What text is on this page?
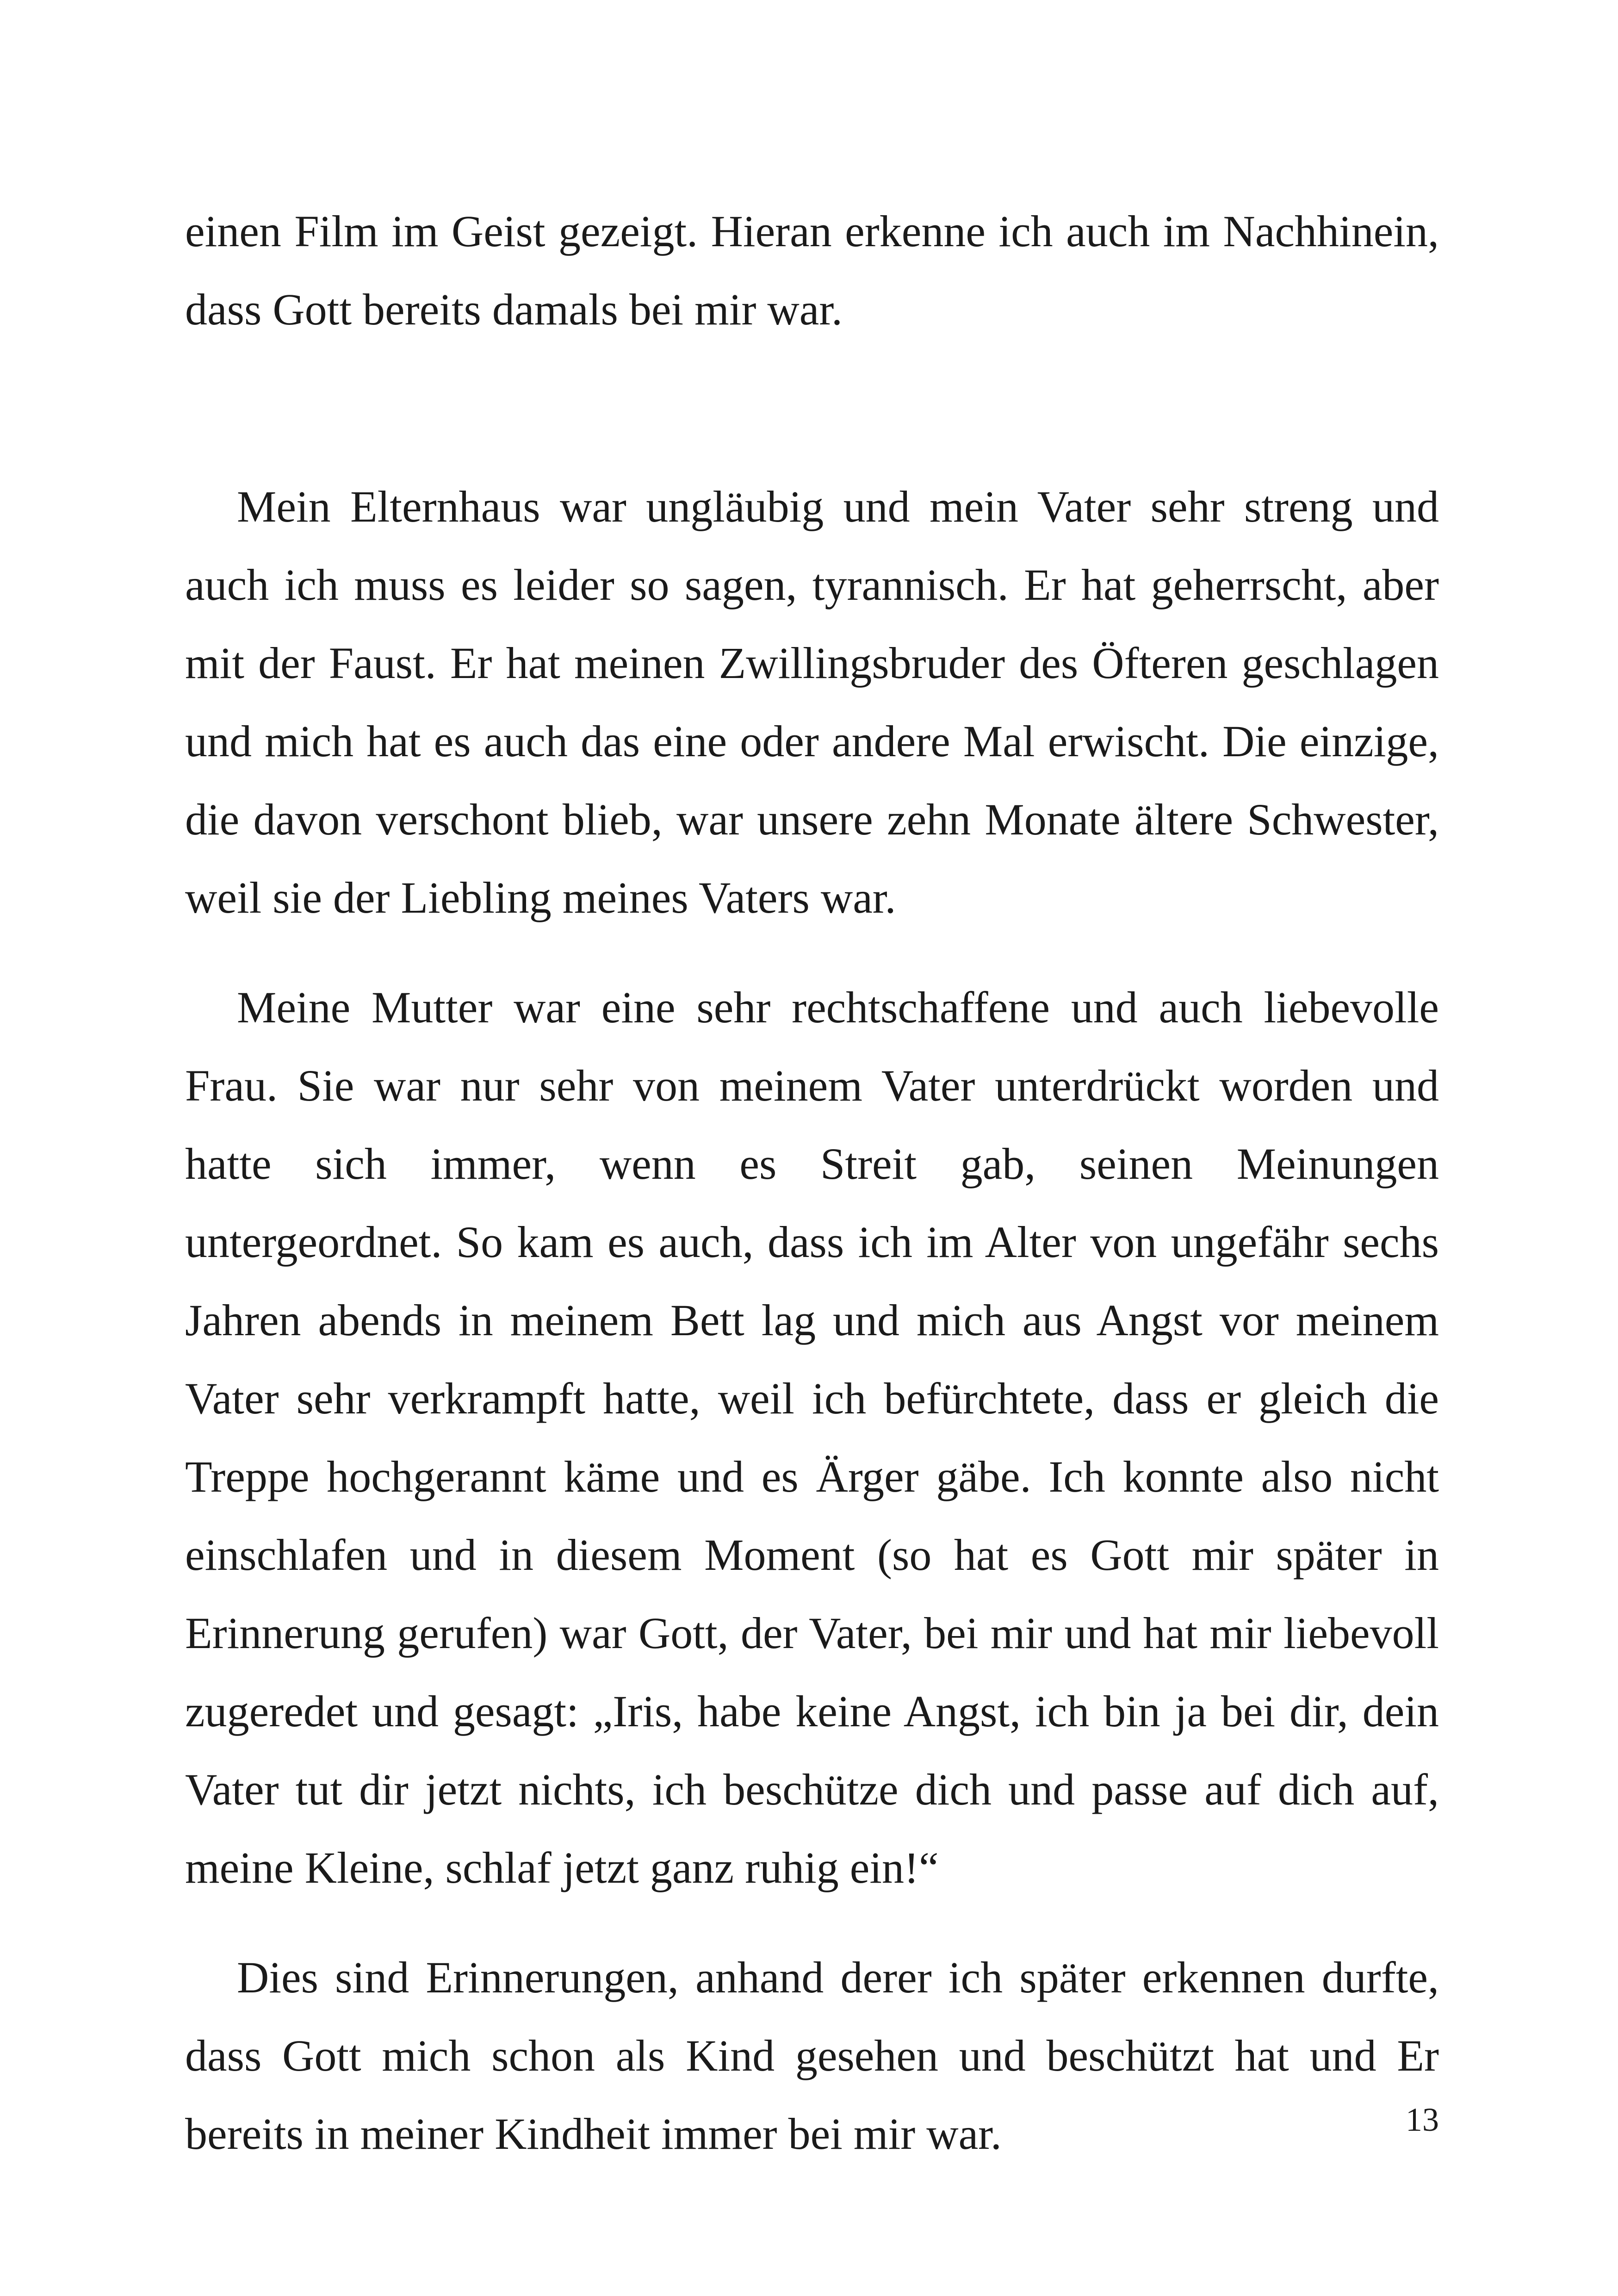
einen Film im Geist gezeigt. Hieran erkenne ich auch im Nachhinein, dass Gott bereits damals bei mir war.

Mein Elternhaus war ungläubig und mein Vater sehr streng und auch ich muss es leider so sagen, tyrannisch. Er hat geherrscht, aber mit der Faust. Er hat meinen Zwillingsbruder des Öfteren geschlagen und mich hat es auch das eine oder andere Mal erwischt. Die einzige, die davon verschont blieb, war unsere zehn Monate ältere Schwester, weil sie der Liebling meines Vaters war.

Meine Mutter war eine sehr rechtschaffene und auch liebevolle Frau. Sie war nur sehr von meinem Vater unterdrückt worden und hatte sich immer, wenn es Streit gab, seinen Meinungen untergeordnet. So kam es auch, dass ich im Alter von ungefähr sechs Jahren abends in meinem Bett lag und mich aus Angst vor meinem Vater sehr verkrampft hatte, weil ich befürchtete, dass er gleich die Treppe hochgerannt käme und es Ärger gäbe. Ich konnte also nicht einschlafen und in diesem Moment (so hat es Gott mir später in Erinnerung gerufen) war Gott, der Vater, bei mir und hat mir liebevoll zugeredet und gesagt: „Iris, habe keine Angst, ich bin ja bei dir, dein Vater tut dir jetzt nichts, ich beschütze dich und passe auf dich auf, meine Kleine, schlaf jetzt ganz ruhig ein!“

Dies sind Erinnerungen, anhand derer ich später erkennen durfte, dass Gott mich schon als Kind gesehen und beschützt hat und Er bereits in meiner Kindheit immer bei mir war.	13
